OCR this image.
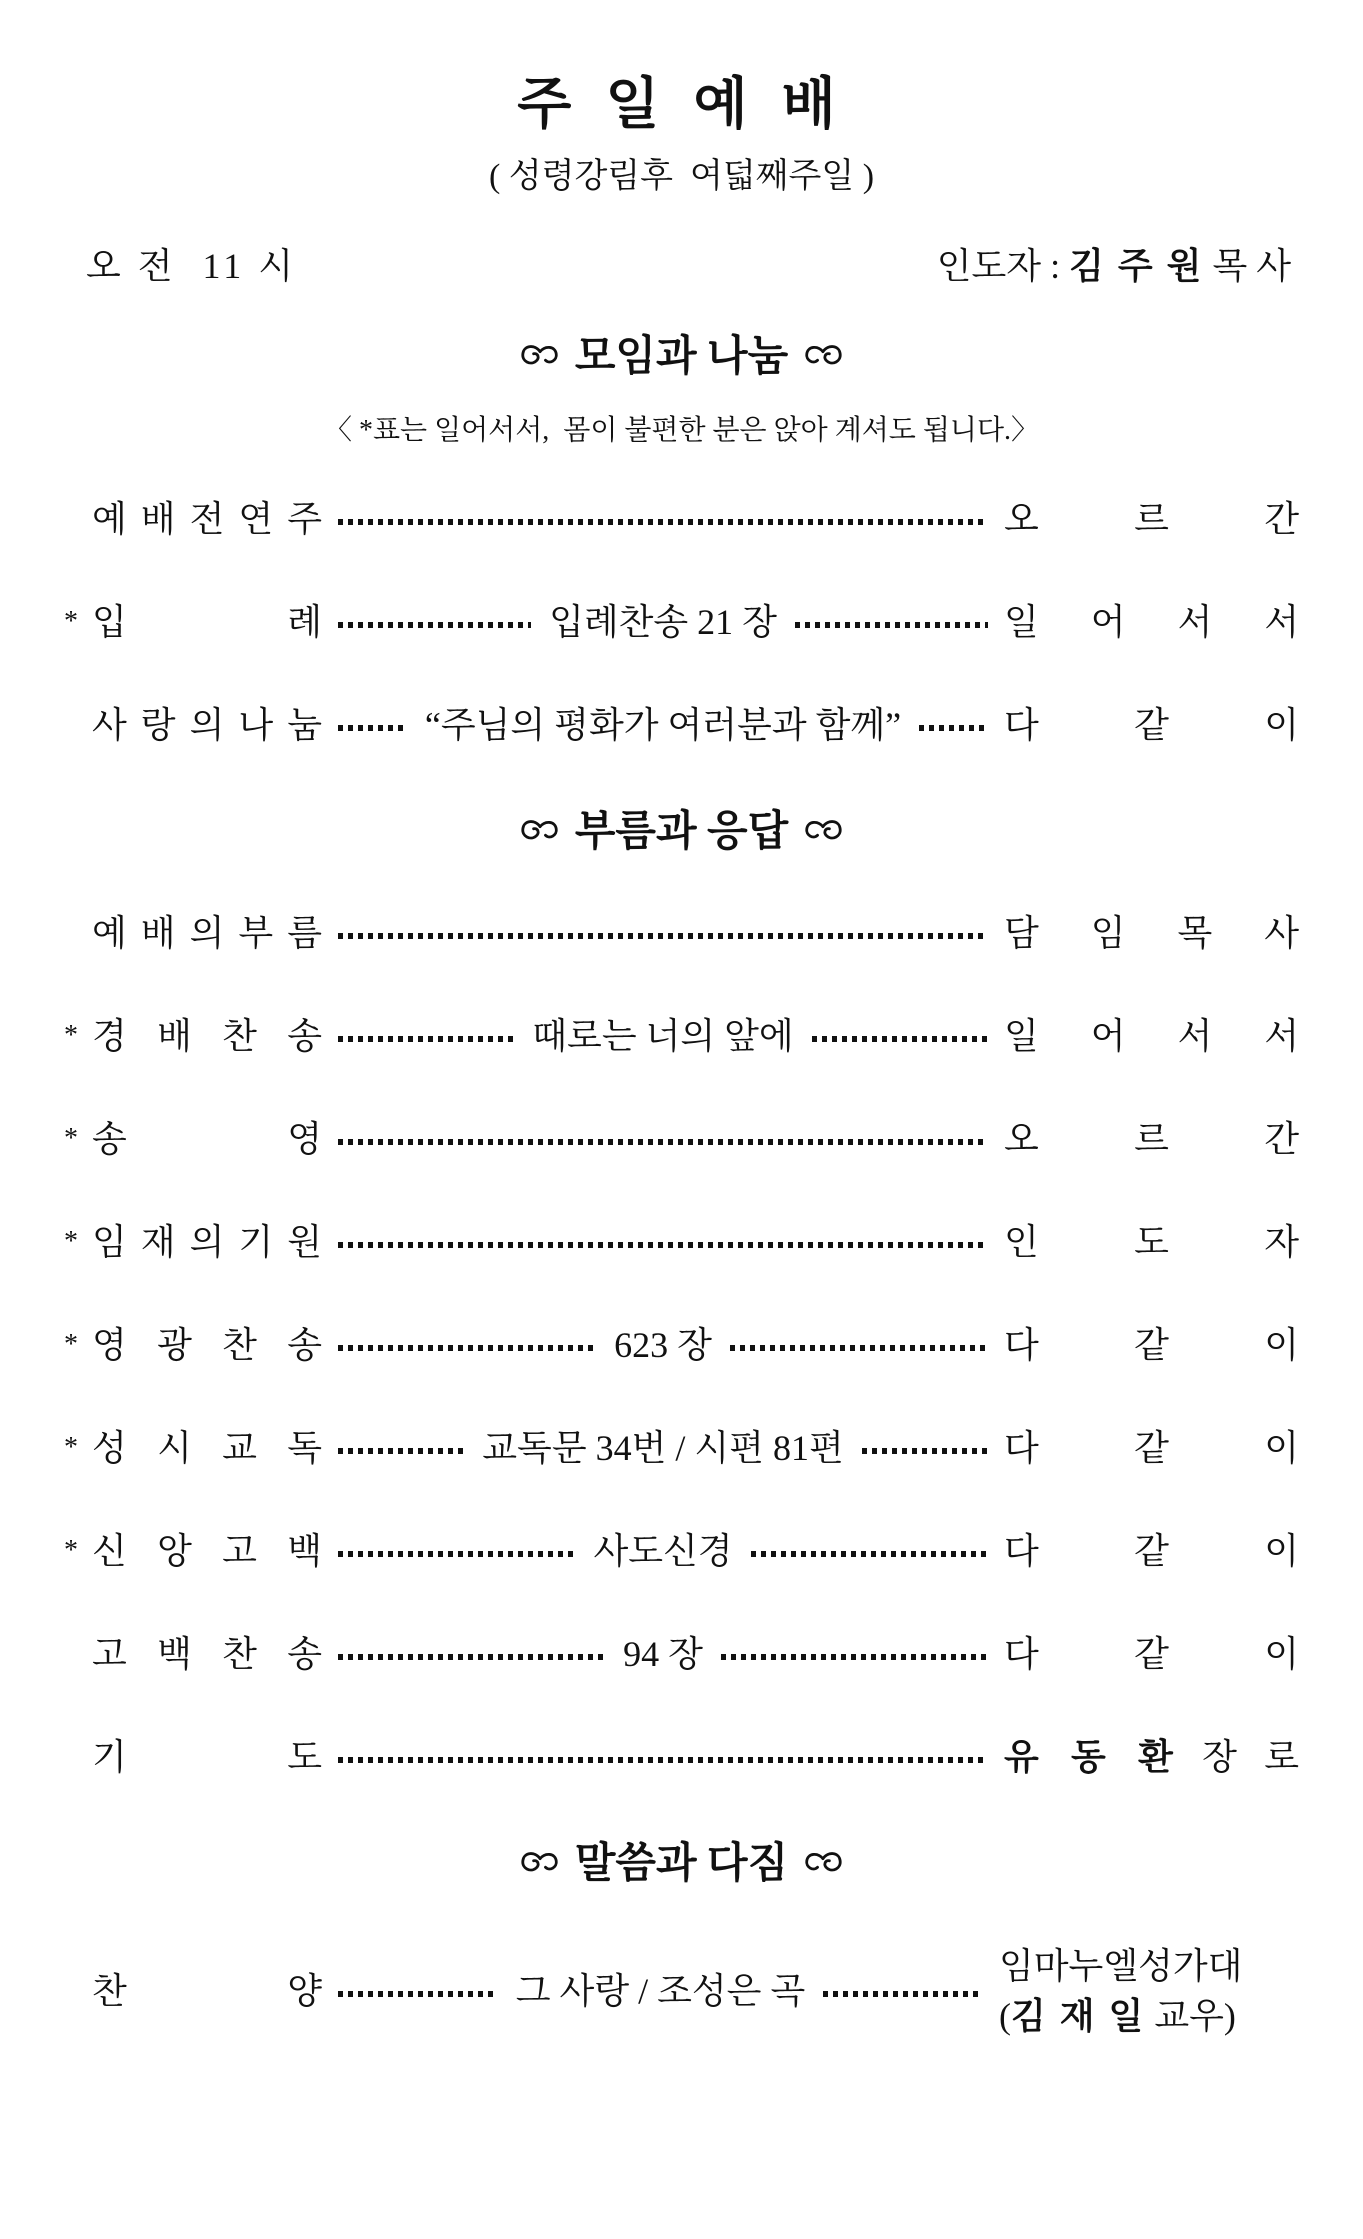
주 일 예 배
( 성령강림후  여덟째주일 )
오 전  11 시	인도자 : 김 주 원 목 사
모임과 나눔
〈 *표는 일어서서,  몸이 불편한 분은 앉아 계셔도 됩니다.〉
예 배 전 연 주	오 르 간
* 입 례	입례찬송 21 장	일 어 서 서
사 랑 의 나 눔	“주님의 평화가 여러분과 함께”	다 같 이
부름과 응답
예 배 의 부 름	담 임 목 사
* 경 배 찬 송	때로는 너의 앞에	일 어 서 서
* 송 영	오 르 간
* 임 재 의 기 원	인 도 자
* 영 광 찬 송	623 장	다 같 이
* 성 시 교 독	교독문 34번 / 시편 81편	다 같 이
* 신 앙 고 백	사도신경	다 같 이
고 백 찬 송	94 장	다 같 이
기 도	유 동 환 장 로
말씀과 다짐
찬 양	그 사랑 / 조성은 곡
임마누엘성가대
(김 재 일 교우)
